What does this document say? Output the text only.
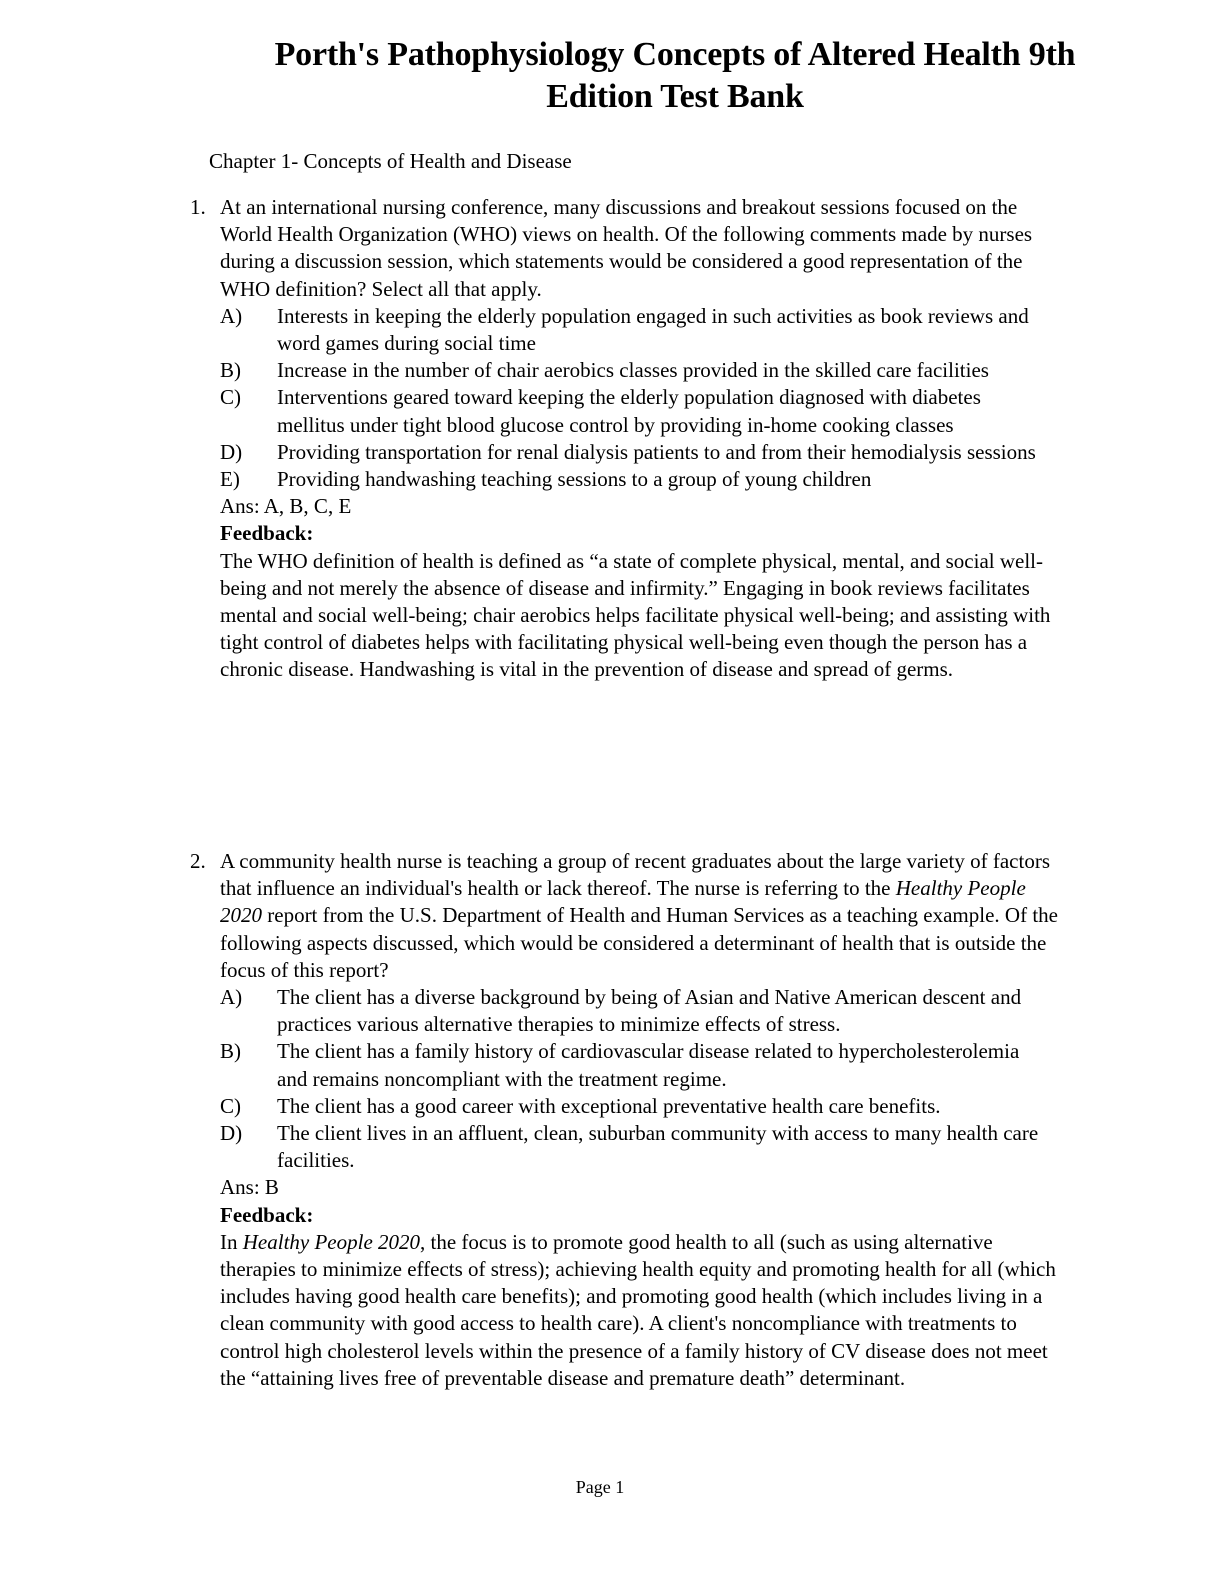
Porth's Pathophysiology Concepts of Altered Health 9th Edition Test Bank
Chapter 1- Concepts of Health and Disease
1. At an international nursing conference, many discussions and breakout sessions focused on the World Health Organization (WHO) views on health. Of the following comments made by nurses during a discussion session, which statements would be considered a good representation of the WHO definition? Select all that apply.
A)	Interests in keeping the elderly population engaged in such activities as book reviews and word games during social time
B)	Increase in the number of chair aerobics classes provided in the skilled care facilities
C)	Interventions geared toward keeping the elderly population diagnosed with diabetes mellitus under tight blood glucose control by providing in-home cooking classes
D)	Providing transportation for renal dialysis patients to and from their hemodialysis sessions
E)	Providing handwashing teaching sessions to a group of young children
Ans: A, B, C, E
Feedback:
The WHO definition of health is defined as “a state of complete physical, mental, and social well-being and not merely the absence of disease and infirmity.” Engaging in book reviews facilitates mental and social well-being; chair aerobics helps facilitate physical well-being; and assisting with tight control of diabetes helps with facilitating physical well-being even though the person has a chronic disease. Handwashing is vital in the prevention of disease and spread of germs.
2. A community health nurse is teaching a group of recent graduates about the large variety of factors that influence an individual's health or lack thereof. The nurse is referring to the Healthy People 2020 report from the U.S. Department of Health and Human Services as a teaching example. Of the following aspects discussed, which would be considered a determinant of health that is outside the focus of this report?
A)	The client has a diverse background by being of Asian and Native American descent and practices various alternative therapies to minimize effects of stress.
B)	The client has a family history of cardiovascular disease related to hypercholesterolemia and remains noncompliant with the treatment regime.
C)	The client has a good career with exceptional preventative health care benefits.
D)	The client lives in an affluent, clean, suburban community with access to many health care facilities.
Ans: B
Feedback:
In Healthy People 2020, the focus is to promote good health to all (such as using alternative therapies to minimize effects of stress); achieving health equity and promoting health for all (which includes having good health care benefits); and promoting good health (which includes living in a clean community with good access to health care). A client's noncompliance with treatments to control high cholesterol levels within the presence of a family history of CV disease does not meet the “attaining lives free of preventable disease and premature death” determinant.
Page 1
